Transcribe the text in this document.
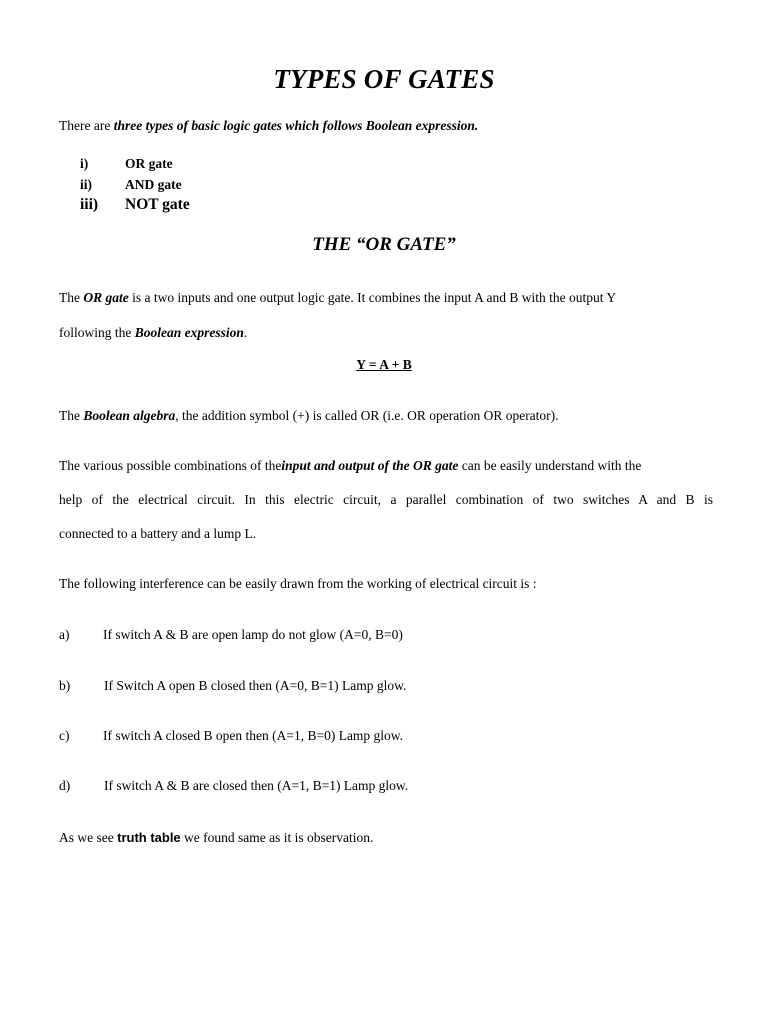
TYPES OF GATES
There are three types of basic logic gates which follows Boolean expression.
i)	OR gate
ii) AND gate
iii) NOT gate
THE “OR GATE”
The OR gate is a two inputs and one output logic gate. It combines the input A and B with the output Y
following the Boolean expression.
Y = A + B
The Boolean algebra, the addition symbol (+) is called OR (i.e. OR operation OR operator).
The various possible combinations of theinput and output of the OR gate can be easily understand with the
help of the electrical circuit. In this electric circuit, a parallel combination of two switches A and B is
connected to a battery and a lump L.
The following interference can be easily drawn from the working of electrical circuit is :
a) If switch A & B are open lamp do not glow (A=0, B=0)
b)	If Switch A open B closed then (A=0, B=1) Lamp glow.
c) If switch A closed B open then (A=1, B=0) Lamp glow.
d)	If switch A & B are closed then (A=1, B=1) Lamp glow.
As we see truth table we found same as it is observation.
